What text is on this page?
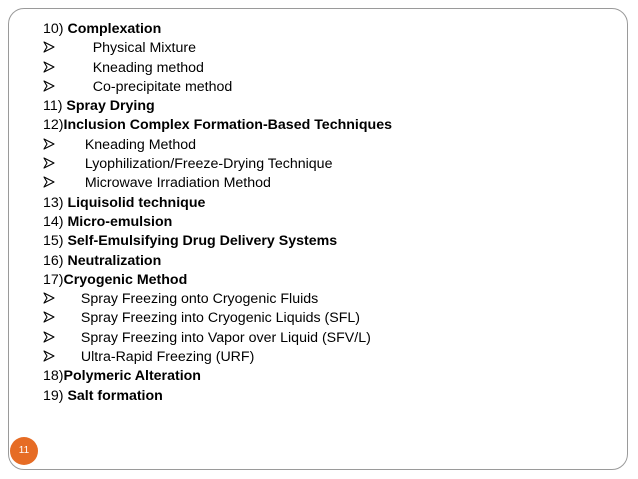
10) Complexation
Physical Mixture
Kneading method
Co-precipitate method
11) Spray Drying
12)Inclusion Complex Formation-Based Techniques
Kneading Method
Lyophilization/Freeze-Drying Technique
Microwave Irradiation Method
13) Liquisolid technique
14) Micro-emulsion
15) Self-Emulsifying Drug Delivery Systems
16) Neutralization
17)Cryogenic Method
Spray Freezing onto Cryogenic Fluids
Spray Freezing into Cryogenic Liquids (SFL)
Spray Freezing into Vapor over Liquid (SFV/L)
Ultra-Rapid Freezing (URF)
18)Polymeric Alteration
19) Salt formation
11
